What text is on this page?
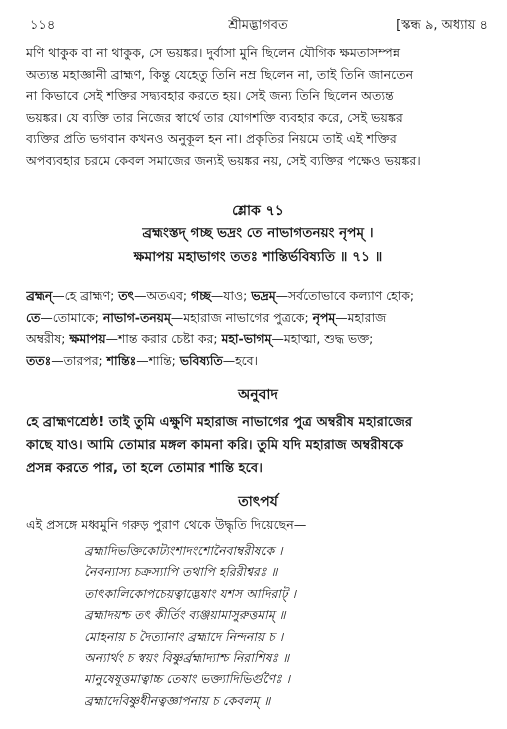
১১৪	শ্রীমদ্ভাগবত	[স্কন্ধ ৯, অধ্যায় ৪
মণি থাকুক বা না থাকুক, সে ভয়ঙ্কর। দুর্বাসা মুনি ছিলেন যৌগিক ক্ষমতাসম্পন্ন
অত্যন্ত মহাজ্ঞানী ব্রাহ্মণ, কিন্তু যেহেতু তিনি নম্র ছিলেন না, তাই তিনি জানতেন
না কিভাবে সেই শক্তির সদ্ব্যবহার করতে হয়। সেই জন্য তিনি ছিলেন অত্যন্ত
ভয়ঙ্কর। যে ব্যক্তি তার নিজের স্বার্থে তার যোগশক্তি ব্যবহার করে, সেই ভয়ঙ্কর
ব্যক্তির প্রতি ভগবান কখনও অনুকূল হন না। প্রকৃতির নিয়মে তাই এই শক্তির
অপব্যবহার চরমে কেবল সমাজের জন্যই ভয়ঙ্কর নয়, সেই ব্যক্তির পক্ষেও ভয়ঙ্কর।
শ্লোক ৭১
ব্রহ্মংস্তদ্ গচ্ছ ভদ্রং তে নাভাগতনয়ং নৃপম্ ।
ক্ষমাপয় মহাভাগং ততঃ শান্তির্ভবিষ্যতি ॥ ৭১ ॥
ব্রহ্মন্—হে ব্রাহ্মণ; তৎ—অতএব; গচ্ছ—যাও; ভদ্রম্—সর্বতোভাবে কল্যাণ হোক;
তে—তোমাকে; নাভাগ-তনয়ম্—মহারাজ নাভাগের পুত্রকে; নৃপম্—মহারাজ
অম্বরীষ; ক্ষমাপয়—শান্ত করার চেষ্টা কর; মহা-ভাগম্—মহাত্মা, শুদ্ধ ভক্ত;
ততঃ—তারপর; শান্তিঃ—শান্তি; ভবিষ্যতি—হবে।
অনুবাদ
হে ব্রাহ্মণশ্রেষ্ঠ! তাই তুমি এক্ষুণি মহারাজ নাভাগের পুত্র অম্বরীষ মহারাজের
কাছে যাও। আমি তোমার মঙ্গল কামনা করি। তুমি যদি মহারাজ অম্বরীষকে
প্রসন্ন করতে পার, তা হলে তোমার শান্তি হবে।
তাৎপর্য
এই প্রসঙ্গে মধ্বমুনি গরুড় পুরাণ থেকে উদ্ধৃতি দিয়েছেন—
ব্রহ্মাদিভক্তিকোট্যংশাদংশোনৈবাম্বরীষকে ।
নৈবন্যাস্য চক্রস্যাপি তথাপি হরিরীশ্বরঃ ॥
তাৎকালিকোপচেয়ত্বাদ্ভেষাং যশস আদিরাট্ ।
ব্রহ্মাদয়শ্চ তৎ কীর্তিং ব্যঞ্জয়ামাসুরুত্তমাম্ ॥
মোহনায় চ দৈত্যানাং ব্রহ্মাদে নিন্দনায় চ ।
অন্যার্থং চ স্বয়ং বিষ্ণুর্ব্রহ্মাদ্যাশ্চ নিরাশিষঃ ॥
মানুষেষূত্তমাত্বাচ্চ তেষাং ভক্ত্যাদিভির্গুণৈঃ ।
ব্রহ্মাদেবিষ্ণুধীনত্বজ্ঞাপনায় চ কেবলম্ ॥
